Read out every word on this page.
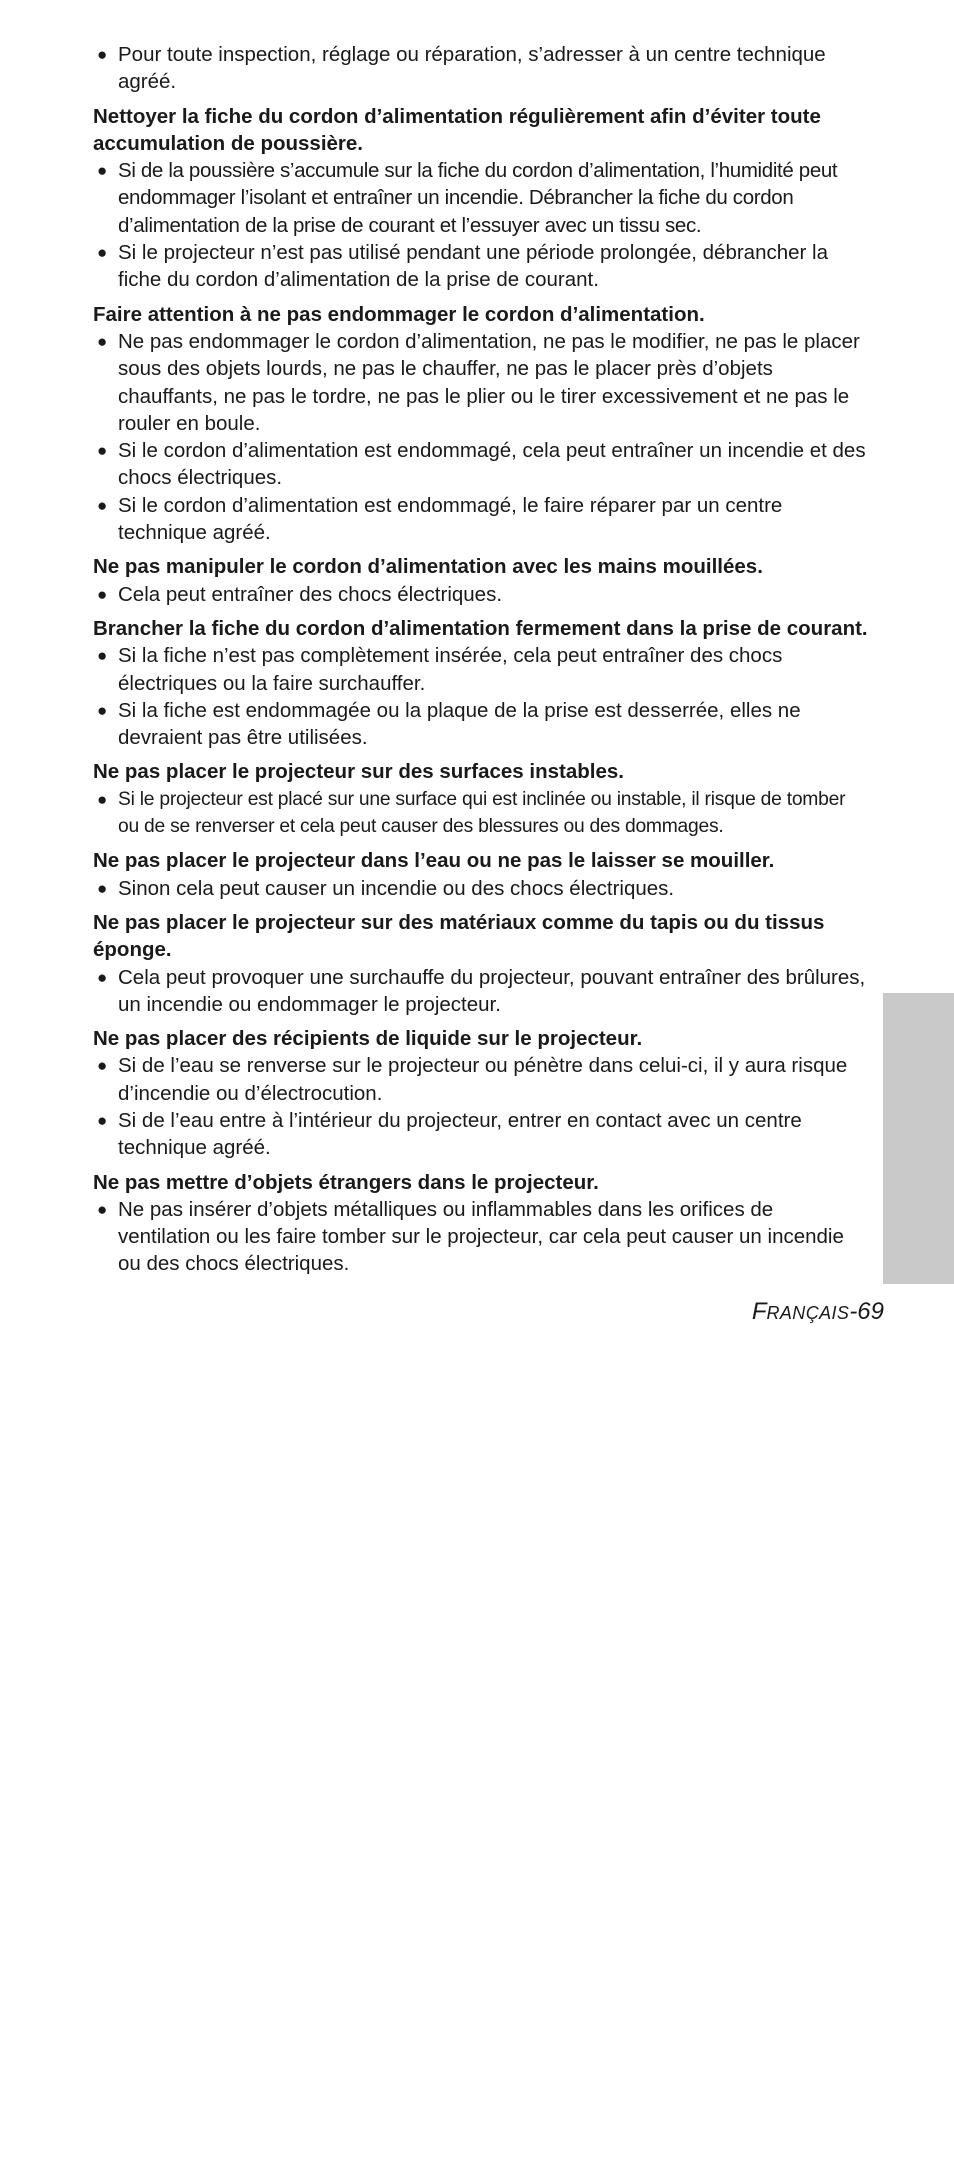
● Pour toute inspection, réglage ou réparation, s’adresser à un centre technique agréé.
Nettoyer la fiche du cordon d’alimentation régulièrement afin d’éviter toute accumulation de poussière.
● Si de la poussière s’accumule sur la fiche du cordon d’alimentation, l’humidité peut endommager l’isolant et entraîner un incendie. Débrancher la fiche du cordon d’alimentation de la prise de courant et l’essuyer avec un tissu sec.
● Si le projecteur n’est pas utilisé pendant une période prolongée, débrancher la fiche du cordon d’alimentation de la prise de courant.
Faire attention à ne pas endommager le cordon d’alimentation.
● Ne pas endommager le cordon d’alimentation, ne pas le modifier, ne pas le placer sous des objets lourds, ne pas le chauffer, ne pas le placer près d’objets chauffants, ne pas le tordre, ne pas le plier ou le tirer excessivement et ne pas le rouler en boule.
● Si le cordon d’alimentation est endommagé, cela peut entraîner un incendie et des chocs électriques.
● Si le cordon d’alimentation est endommagé, le faire réparer par un centre technique agréé.
Ne pas manipuler le cordon d’alimentation avec les mains mouillées.
● Cela peut entraîner des chocs électriques.
Brancher la fiche du cordon d’alimentation fermement dans la prise de courant.
● Si la fiche n’est pas complètement insérée, cela peut entraîner des chocs électriques ou la faire surchauffer.
● Si la fiche est endommagée ou la plaque de la prise est desserrée, elles ne devraient pas être utilisées.
Ne pas placer le projecteur sur des surfaces instables.
● Si le projecteur est placé sur une surface qui est inclinée ou instable, il risque de tomber ou de se renverser et cela peut causer des blessures ou des dommages.
Ne pas placer le projecteur dans l’eau ou ne pas le laisser se mouiller.
● Sinon cela peut causer un incendie ou des chocs électriques.
Ne pas placer le projecteur sur des matériaux comme du tapis ou du tissus éponge.
● Cela peut provoquer une surchauffe du projecteur, pouvant entraîner des brûlures, un incendie ou endommager le projecteur.
Ne pas placer des récipients de liquide sur le projecteur.
● Si de l’eau se renverse sur le projecteur ou pénètre dans celui-ci, il y aura risque d’incendie ou d’électrocution.
● Si de l’eau entre à l’intérieur du projecteur, entrer en contact avec un centre technique agréé.
Ne pas mettre d’objets étrangers dans le projecteur.
● Ne pas insérer d’objets métalliques ou inflammables dans les orifices de ventilation ou les faire tomber sur le projecteur, car cela peut causer un incendie ou des chocs électriques.
Others
FRANÇAIS-69
